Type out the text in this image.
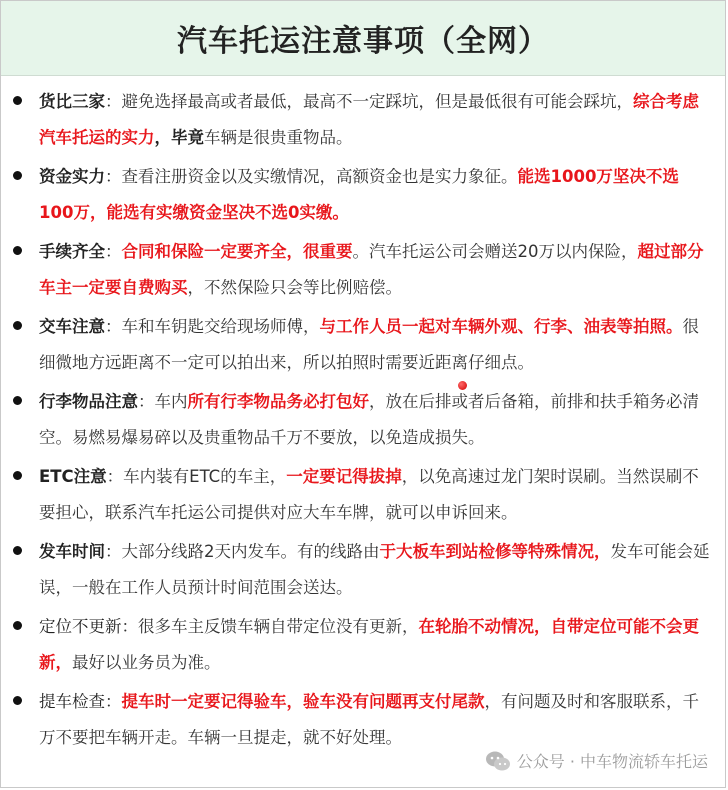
汽车托运注意事项（全网）
货比三家：避免选择最高或者最低，最高不一定踩坑，但是最低很有可能会踩坑，综合考虑汽车托运的实力，毕竟车辆是很贵重物品。
资金实力：查看注册资金以及实缴情况，高额资金也是实力象征。能选1000万坚决不选100万，能选有实缴资金坚决不选0实缴。
手续齐全：合同和保险一定要齐全，很重要。汽车托运公司会赠送20万以内保险，超过部分车主一定要自费购买，不然保险只会等比例赔偿。
交车注意：车和车钥匙交给现场师傅，与工作人员一起对车辆外观、行李、油表等拍照。很细微地方远距离不一定可以拍出来，所以拍照时需要近距离仔细点。
行李物品注意：车内所有行李物品务必打包好，放在后排或者后备箱，前排和扶手箱务必清空。易燃易爆易碎以及贵重物品千万不要放，以免造成损失。
ETC注意：车内装有ETC的车主，一定要记得拔掉，以免高速过龙门架时误刷。当然误刷不要担心，联系汽车托运公司提供对应大车车牌，就可以申诉回来。
发车时间：大部分线路2天内发车。有的线路由于大板车到站检修等特殊情况，发车可能会延误，一般在工作人员预计时间范围会送达。
定位不更新：很多车主反馈车辆自带定位没有更新，在轮胎不动情况，自带定位可能不会更新，最好以业务员为准。
提车检查：提车时一定要记得验车，验车没有问题再支付尾款，有问题及时和客服联系，千万不要把车辆开走。车辆一旦提走，就不好处理。
公众号 · 中车物流轿车托运
